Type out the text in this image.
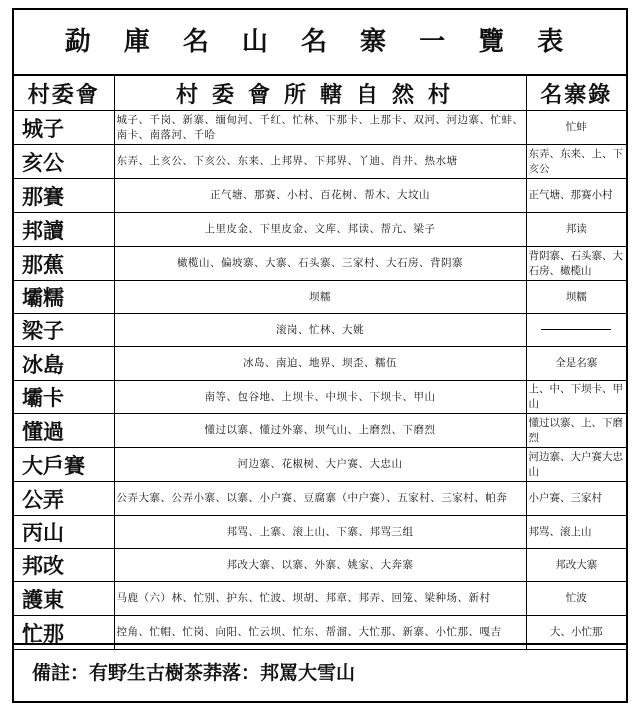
勐 庫 名 山 名 寨 一 覽 表
村委會	村委會所轄自然村	名寨錄
城子	城子、千岗、新寨、缅甸河、千红、忙林、下那卡、上那卡、双河、河边寨、忙蚌、南卡、南落河、千哈	忙蚌
亥公	东弄、上亥公、下亥公、东来、上邦界、下邦界、丫迪、肖井、热水塘	东弄、东来、上、下亥公
那賽	正气塘、那赛、小村、百花树、帮木、大坟山	正气塘、那赛小村
邦讀	上里皮金、下里皮金、文库、邦读、帮亢、梁子	邦读
那蕉	橄榄山、偏坡寨、大寨、石头寨、三家村、大石房、背阴寨	背阴寨、石头寨、大石房、橄榄山
壩糯	坝糯	坝糯
梁子	滚岗、忙林、大姚	
冰島	冰岛、南迫、地界、坝歪、糯伍	全是名寨
壩卡	南等、包谷地、上坝卡、中坝卡、下坝卡、甲山	上、中、下坝卡、甲山
懂過	懂过以寨、懂过外寨、坝气山、上磨烈、下磨烈	懂过以寨、上、下磨烈
大戶賽	河边寨、花椒树、大户赛、大忠山	河边寨、大户赛大忠山
公弄	公弄大寨、公弄小寨、以寨、小户赛、豆腐寨（中户赛）、五家村、三家村、帕奔	小户赛、三家村
丙山	邦骂、上寨、滚上山、下寨、邦骂三组	邦骂、滚上山
邦改	邦改大寨、以寨、外寨、姚家、大奔寨	邦改大寨
護東	马鹿（六）林、忙别、护东、忙波、坝胡、邦章、邦弄、回笼、梁种场、新村	忙波
忙那	控角、忙帽、忙岗、向阳、忙云坝、忙东、帮溜、大忙那、新寨、小忙那、嘎吉	大、小忙那
備註：有野生古樹茶莽落：邦罵大雪山
